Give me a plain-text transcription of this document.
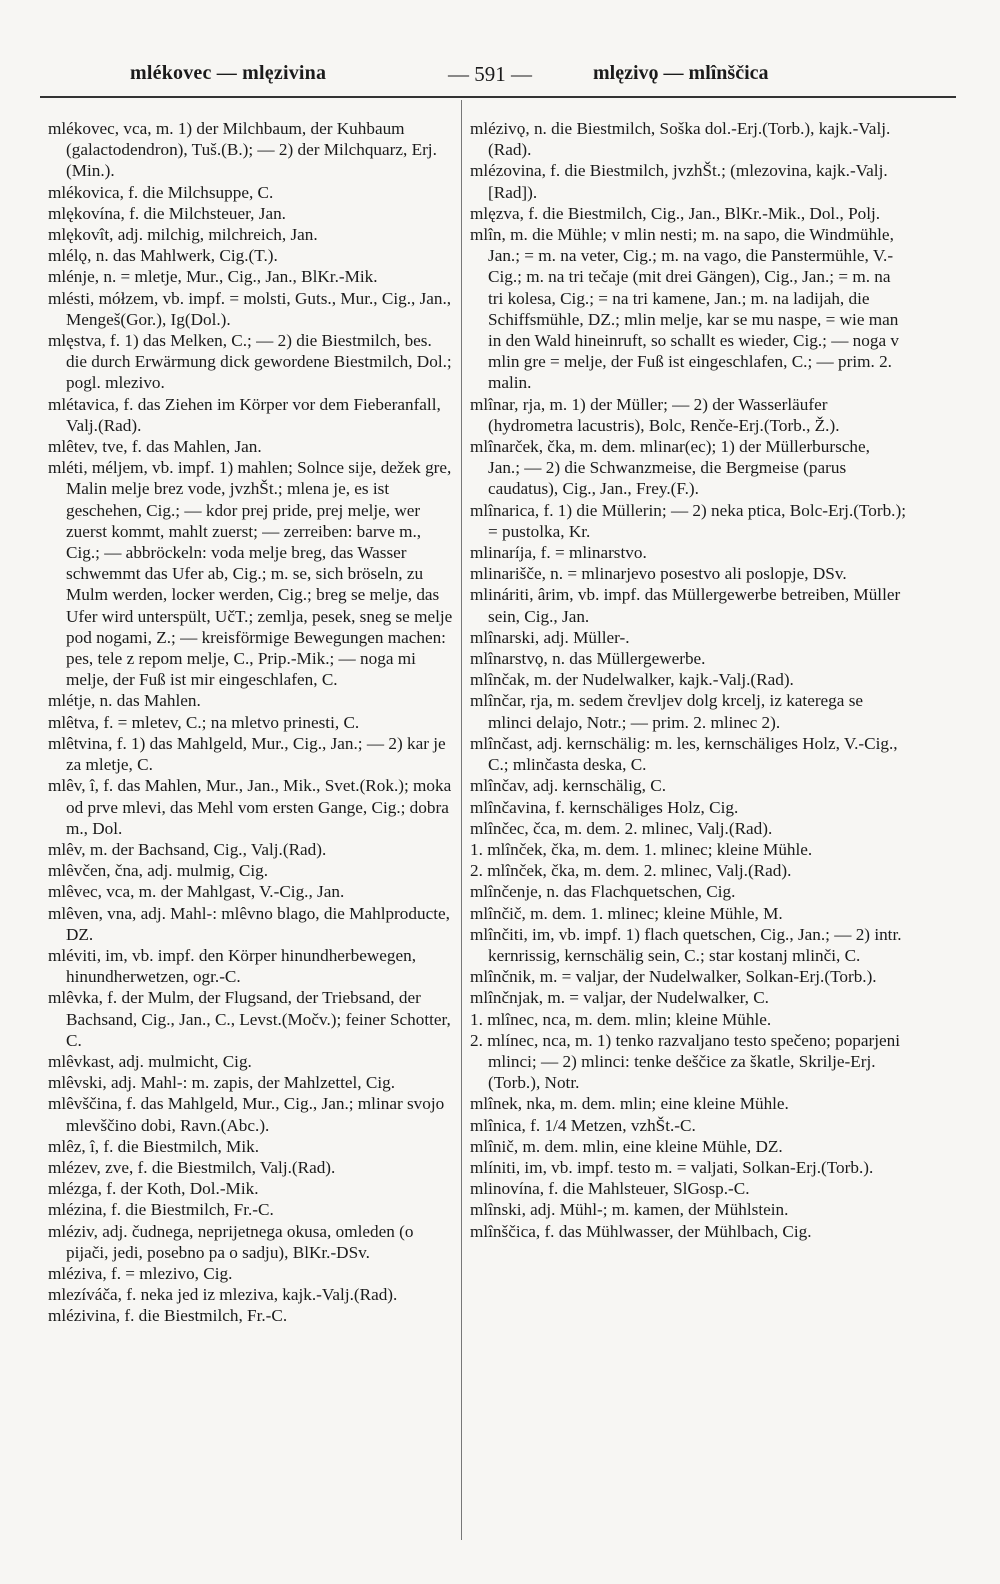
mlékovec — mlęzivina	— 591 —	mlęzivǫ — mlînščica

mlékovec, vca, m. 1) der Milchbaum, der Kuhbaum (galactodendron), Tuš.(B.); — 2) der Milchquarz, Erj.(Min.).

mlékovica, f. die Milchsuppe, C.

mlękovína, f. die Milchsteuer, Jan.

mlękovît, adj. milchig, milchreich, Jan.

mlélǫ, n. das Mahlwerk, Cig.(T.).

mlénje, n. = mletje, Mur., Cig., Jan., BlKr.-Mik.

mlésti, mółzem, vb. impf. = molsti, Guts., Mur., Cig., Jan., Mengeš(Gor.), Ig(Dol.).

mlęstva, f. 1) das Melken, C.; — 2) die Biestmilch, bes. die durch Erwärmung dick gewordene Biestmilch, Dol.; pogl. mlezivo.

mlétavica, f. das Ziehen im Körper vor dem Fieberanfall, Valj.(Rad).

mlêtev, tve, f. das Mahlen, Jan.

mléti, méljem, vb. impf. 1) mahlen; Solnce sije, dežek gre, Malin melje brez vode, jvzhŠt.; mlena je, es ist geschehen, Cig.; — kdor prej pride, prej melje, wer zuerst kommt, mahlt zuerst; — zerreiben: barve m., Cig.; — abbröckeln: voda melje breg, das Wasser schwemmt das Ufer ab, Cig.; m. se, sich bröseln, zu Mulm werden, locker werden, Cig.; breg se melje, das Ufer wird unterspült, UčT.; zemlja, pesek, sneg se melje pod nogami, Z.; — kreisförmige Bewegungen machen: pes, tele z repom melje, C., Prip.-Mik.; — noga mi melje, der Fuß ist mir eingeschlafen, C.

mlétje, n. das Mahlen.

mlêtva, f. = mletev, C.; na mletvo prinesti, C.

mlêtvina, f. 1) das Mahlgeld, Mur., Cig., Jan.; — 2) kar je za mletje, C.

mlêv, î, f. das Mahlen, Mur., Jan., Mik., Svet.(Rok.); moka od prve mlevi, das Mehl vom ersten Gange, Cig.; dobra m., Dol.

mlêv, m. der Bachsand, Cig., Valj.(Rad).

mlêvčen, čna, adj. mulmig, Cig.

mlêvec, vca, m. der Mahlgast, V.-Cig., Jan.

mlêven, vna, adj. Mahl-: mlêvno blago, die Mahlproducte, DZ.

mléviti, im, vb. impf. den Körper hinundherbewegen, hinundherwetzen, ogr.-C.

mlêvka, f. der Mulm, der Flugsand, der Triebsand, der Bachsand, Cig., Jan., C., Levst.(Močv.); feiner Schotter, C.

mlêvkast, adj. mulmicht, Cig.

mlêvski, adj. Mahl-: m. zapis, der Mahlzettel, Cig.

mlêvščina, f. das Mahlgeld, Mur., Cig., Jan.; mlinar svojo mlevščino dobi, Ravn.(Abc.).

mlêz, î, f. die Biestmilch, Mik.

mlézev, zve, f. die Biestmilch, Valj.(Rad).

mlézga, f. der Koth, Dol.-Mik.

mlézina, f. die Biestmilch, Fr.-C.

mléziv, adj. čudnega, neprijetnega okusa, omleden (o pijači, jedi, posebno pa o sadju), BlKr.-DSv.

mléziva, f. = mlezivo, Cig.

mlezíváča, f. neka jed iz mleziva, kajk.-Valj.(Rad).

mlézivina, f. die Biestmilch, Fr.-C.

mlézivǫ, n. die Biestmilch, Soška dol.-Erj.(Torb.), kajk.-Valj.(Rad).

mlézovina, f. die Biestmilch, jvzhŠt.; (mlezovina, kajk.-Valj.[Rad]).

mlęzva, f. die Biestmilch, Cig., Jan., BlKr.-Mik., Dol., Polj.

mlîn, m. die Mühle; v mlin nesti; m. na sapo, die Windmühle, Jan.; = m. na veter, Cig.; m. na vago, die Panstermühle, V.-Cig.; m. na tri tečaje (mit drei Gängen), Cig., Jan.; = m. na tri kolesa, Cig.; = na tri kamene, Jan.; m. na ladijah, die Schiffsmühle, DZ.; mlin melje, kar se mu naspe, = wie man in den Wald hineinruft, so schallt es wieder, Cig.; — noga v mlin gre = melje, der Fuß ist eingeschlafen, C.; — prim. 2. malin.

mlînar, rja, m. 1) der Müller; — 2) der Wasserläufer (hydrometra lacustris), Bolc, Renče-Erj.(Torb., Ž.).

mlînarček, čka, m. dem. mlinar(ec); 1) der Müllerbursche, Jan.; — 2) die Schwanzmeise, die Bergmeise (parus caudatus), Cig., Jan., Frey.(F.).

mlînarica, f. 1) die Müllerin; — 2) neka ptica, Bolc-Erj.(Torb.); = pustolka, Kr.

mlinaríja, f. = mlinarstvo.

mlinarišče, n. = mlinarjevo posestvo ali poslopje, DSv.

mlináriti, ârim, vb. impf. das Müllergewerbe betreiben, Müller sein, Cig., Jan.

mlînarski, adj. Müller-.

mlînarstvǫ, n. das Müllergewerbe.

mlînčak, m. der Nudelwalker, kajk.-Valj.(Rad).

mlînčar, rja, m. sedem črevljev dolg krcelj, iz katerega se mlinci delajo, Notr.; — prim. 2. mlinec 2).

mlînčast, adj. kernschälig: m. les, kernschäliges Holz, V.-Cig., C.; mlinčasta deska, C.

mlînčav, adj. kernschälig, C.

mlînčavina, f. kernschäliges Holz, Cig.

mlînčec, čca, m. dem. 2. mlinec, Valj.(Rad).

1. mlînček, čka, m. dem. 1. mlinec; kleine Mühle.

2. mlînček, čka, m. dem. 2. mlinec, Valj.(Rad).

mlînčenje, n. das Flachquetschen, Cig.

mlînčič, m. dem. 1. mlinec; kleine Mühle, M.

mlînčiti, im, vb. impf. 1) flach quetschen, Cig., Jan.; — 2) intr. kernrissig, kernschälig sein, C.; star kostanj mlinči, C.

mlînčnik, m. = valjar, der Nudelwalker, Solkan-Erj.(Torb.).

mlînčnjak, m. = valjar, der Nudelwalker, C.

1. mlînec, nca, m. dem. mlin; kleine Mühle.

2. mlínec, nca, m. 1) tenko razvaljano testo spečeno; poparjeni mlinci; — 2) mlinci: tenke deščice za škatle, Skrilje-Erj.(Torb.), Notr.

mlînek, nka, m. dem. mlin; eine kleine Mühle.

mlînica, f. 1/4 Metzen, vzhŠt.-C.

mlînič, m. dem. mlin, eine kleine Mühle, DZ.

mlíniti, im, vb. impf. testo m. = valjati, Solkan-Erj.(Torb.).

mlinovína, f. die Mahlsteuer, SlGosp.-C.

mlînski, adj. Mühl-; m. kamen, der Mühlstein.

mlînščica, f. das Mühlwasser, der Mühlbach, Cig.
